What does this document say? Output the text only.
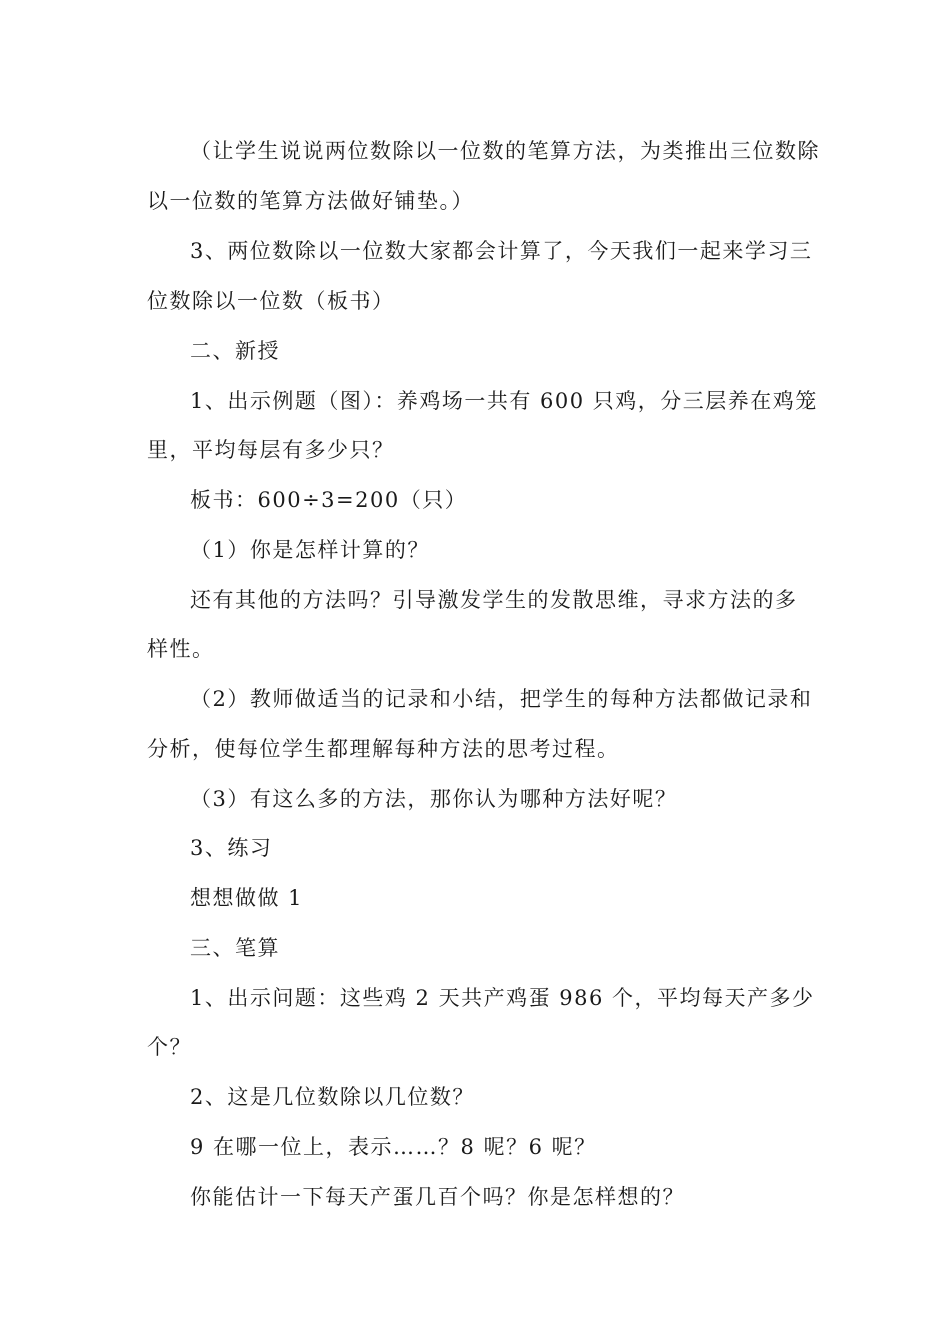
（让学生说说两位数除以一位数的笔算方法，为类推出三位数除
以一位数的笔算方法做好铺垫。）
3、两位数除以一位数大家都会计算了，今天我们一起来学习三
位数除以一位数（板书）
二、新授
1、出示例题（图）：养鸡场一共有 600 只鸡，分三层养在鸡笼
里，平均每层有多少只？
板书：600÷3=200（只）
（1）你是怎样计算的？
还有其他的方法吗？引导激发学生的发散思维，寻求方法的多
样性。
（2）教师做适当的记录和小结，把学生的每种方法都做记录和
分析，使每位学生都理解每种方法的思考过程。
（3）有这么多的方法，那你认为哪种方法好呢？
3、练习
想想做做 1
三、笔算
1、出示问题：这些鸡 2 天共产鸡蛋 986 个，平均每天产多少
个？
2、这是几位数除以几位数？
9 在哪一位上，表示……？8 呢？6 呢？
你能估计一下每天产蛋几百个吗？你是怎样想的？
